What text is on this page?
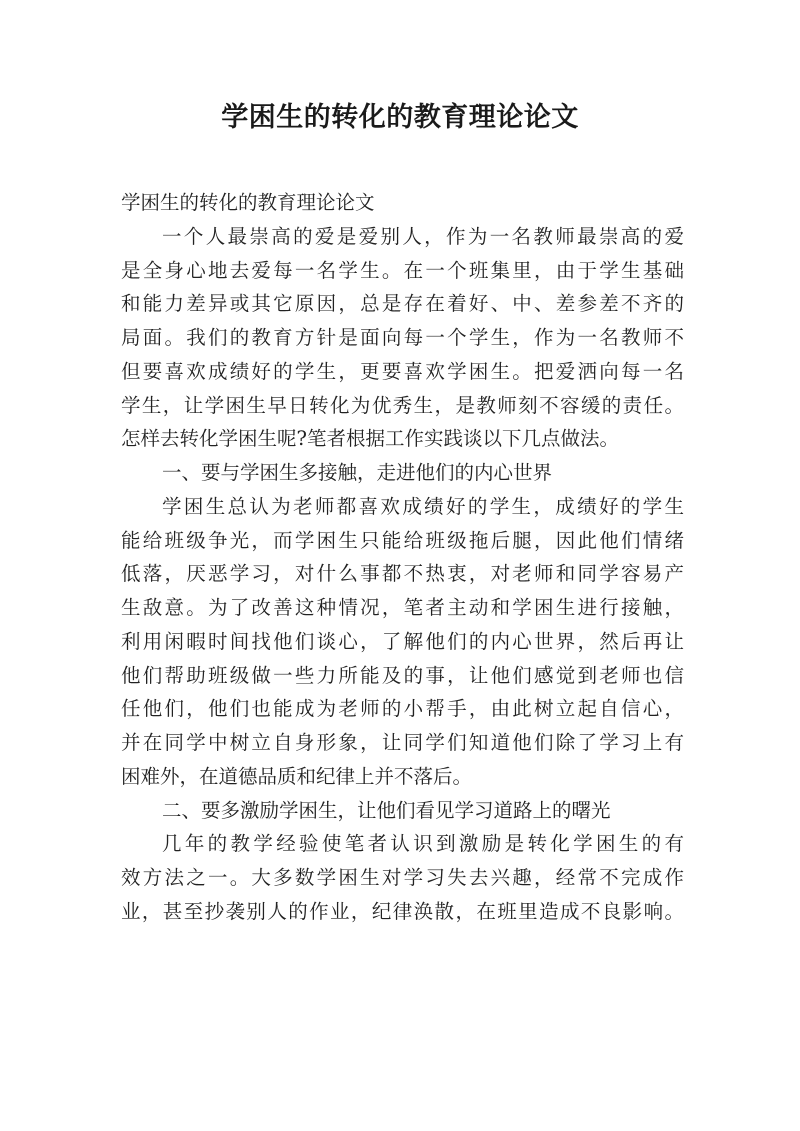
学困生的转化的教育理论论文
学困生的转化的教育理论论文
一个人最崇高的爱是爱别人，作为一名教师最崇高的爱
是全身心地去爱每一名学生。在一个班集里，由于学生基础
和能力差异或其它原因，总是存在着好、中、差参差不齐的
局面。我们的教育方针是面向每一个学生，作为一名教师不
但要喜欢成绩好的学生，更要喜欢学困生。把爱洒向每一名
学生，让学困生早日转化为优秀生，是教师刻不容缓的责任。
怎样去转化学困生呢?笔者根据工作实践谈以下几点做法。
一、要与学困生多接触，走进他们的内心世界
学困生总认为老师都喜欢成绩好的学生，成绩好的学生
能给班级争光，而学困生只能给班级拖后腿，因此他们情绪
低落，厌恶学习，对什么事都不热衷，对老师和同学容易产
生敌意。为了改善这种情况，笔者主动和学困生进行接触，
利用闲暇时间找他们谈心，了解他们的内心世界，然后再让
他们帮助班级做一些力所能及的事，让他们感觉到老师也信
任他们，他们也能成为老师的小帮手，由此树立起自信心，
并在同学中树立自身形象，让同学们知道他们除了学习上有
困难外，在道德品质和纪律上并不落后。
二、要多激励学困生，让他们看见学习道路上的曙光
几年的教学经验使笔者认识到激励是转化学困生的有
效方法之一。大多数学困生对学习失去兴趣，经常不完成作
业，甚至抄袭别人的作业，纪律涣散，在班里造成不良影响。
